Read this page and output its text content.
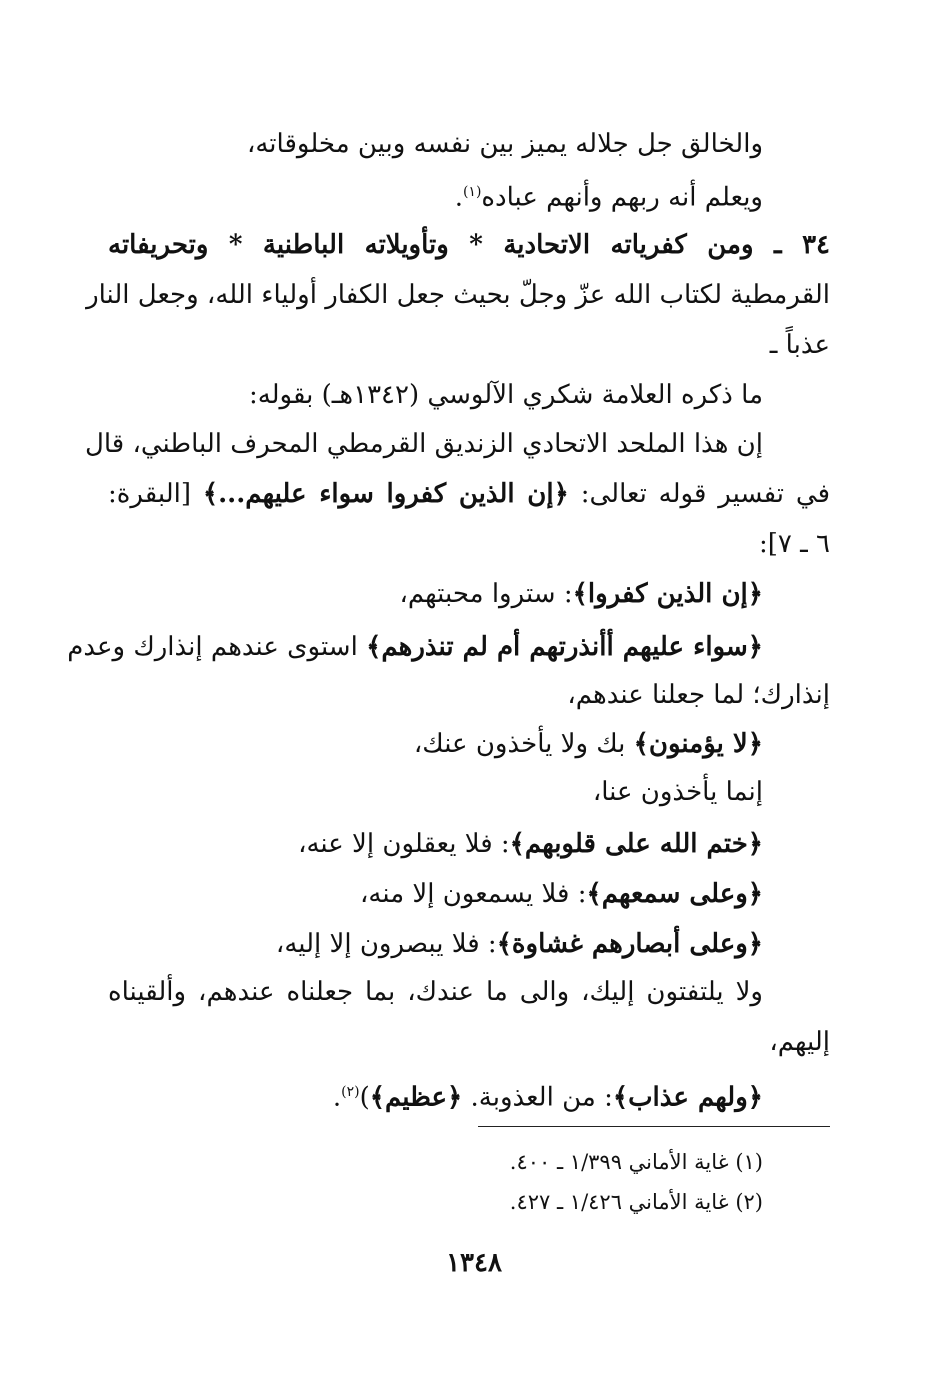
والخالق جل جلاله يميز بين نفسه وبين مخلوقاته،
ويعلم أنه ربهم وأنهم عباده$^{(١)}$.
٣٤ ـ ومن كفرياته الاتحادية * وتأويلاته الباطنية * وتحريفاته
القرمطية لكتاب الله عزّ وجلّ بحيث جعل الكفار أولياء الله، وجعل النار
عذباً ـ
ما ذكره العلامة شكري الآلوسي (١٣٤٢هـ) بقوله:
إن هذا الملحد الاتحادي الزنديق القرمطي المحرف الباطني، قال
في تفسير قوله تعالى: ﴿إن الذين كفروا سواء عليهم...﴾ [البقرة:
٦ ـ ٧]:
﴿إن الذين كفروا﴾: ستروا محبتهم،
﴿سواء عليهم أأنذرتهم أم لم تنذرهم﴾ استوى عندهم إنذارك وعدم
إنذارك؛ لما جعلنا عندهم،
﴿لا يؤمنون﴾ بك ولا يأخذون عنك،
إنما يأخذون عنا،
﴿ختم الله على قلوبهم﴾: فلا يعقلون إلا عنه،
﴿وعلى سمعهم﴾: فلا يسمعون إلا منه،
﴿وعلى أبصارهم غشاوة﴾: فلا يبصرون إلا إليه،
ولا يلتفتون إليك، والى ما عندك، بما جعلناه عندهم، وألقيناه
إليهم،
﴿ولهم عذاب﴾: من العذوبة. ﴿عظيم﴾)$^{(٢)}$.
(١) غاية الأماني ١/٣٩٩ ـ ٤٠٠.
(٢) غاية الأماني ١/٤٢٦ ـ ٤٢٧.
١٣٤٨
